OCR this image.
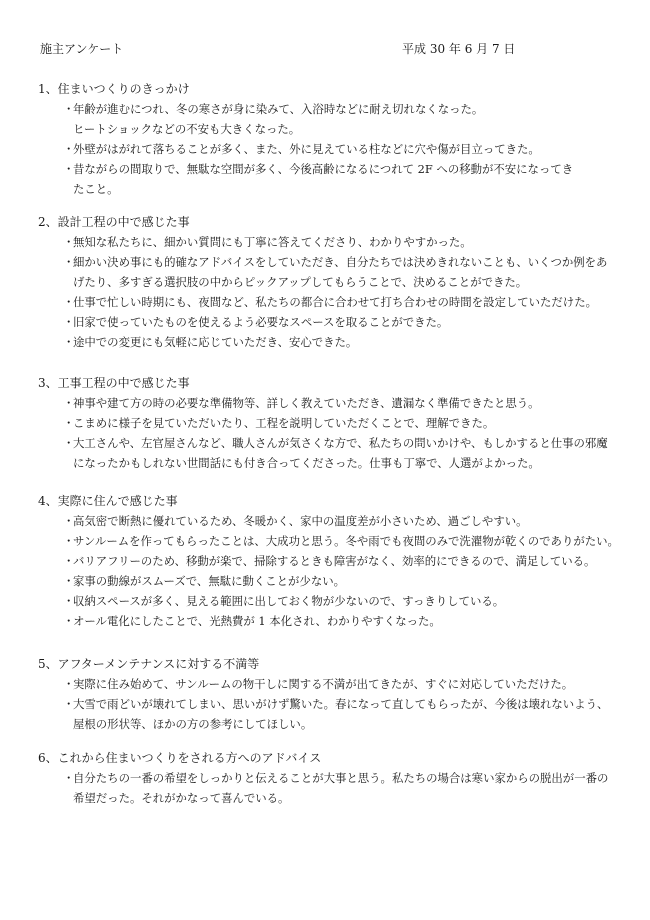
施主アンケート	平成 30 年 6 月 7 日
1、住まいつくりのきっかけ
・
年齢が進むにつれ、冬の寒さが身に染みて、入浴時などに耐え切れなくなった。
ヒートショックなどの不安も大きくなった。
・
外壁がはがれて落ちることが多く、また、外に見えている柱などに穴や傷が目立ってきた。
・
昔ながらの間取りで、無駄な空間が多く、今後高齢になるにつれて 2F への移動が不安になってき
たこと。
2、設計工程の中で感じた事
・
無知な私たちに、細かい質問にも丁寧に答えてくださり、わかりやすかった。
・
細かい決め事にも的確なアドバイスをしていただき、自分たちでは決めきれないことも、いくつか例をあ
げたり、多すぎる選択肢の中からピックアップしてもらうことで、決めることができた。
・
仕事で忙しい時期にも、夜間など、私たちの都合に合わせて打ち合わせの時間を設定していただけた。
・
旧家で使っていたものを使えるよう必要なスペースを取ることができた。
・
途中での変更にも気軽に応じていただき、安心できた。
3、工事工程の中で感じた事
・
神事や建て方の時の必要な準備物等、詳しく教えていただき、遺漏なく準備できたと思う。
・
こまめに様子を見ていただいたり、工程を説明していただくことで、理解できた。
・
大工さんや、左官屋さんなど、職人さんが気さくな方で、私たちの問いかけや、もしかすると仕事の邪魔
になったかもしれない世間話にも付き合ってくださった。仕事も丁寧で、人選がよかった。
4、実際に住んで感じた事
・
高気密で断熱に優れているため、冬暖かく、家中の温度差が小さいため、過ごしやすい。
・
サンルームを作ってもらったことは、大成功と思う。冬や雨でも夜間のみで洗濯物が乾くのでありがたい。
・
バリアフリーのため、移動が楽で、掃除するときも障害がなく、効率的にできるので、満足している。
・
家事の動線がスムーズで、無駄に動くことが少ない。
・
収納スペースが多く、見える範囲に出しておく物が少ないので、すっきりしている。
・
オール電化にしたことで、光熱費が 1 本化され、わかりやすくなった。
5、アフターメンテナンスに対する不満等
・
実際に住み始めて、サンルームの物干しに関する不満が出てきたが、すぐに対応していただけた。
・
大雪で雨どいが壊れてしまい、思いがけず驚いた。春になって直してもらったが、今後は壊れないよう、
屋根の形状等、ほかの方の参考にしてほしい。
6、これから住まいつくりをされる方へのアドバイス
・
自分たちの一番の希望をしっかりと伝えることが大事と思う。私たちの場合は寒い家からの脱出が一番の
希望だった。それがかなって喜んでいる。
